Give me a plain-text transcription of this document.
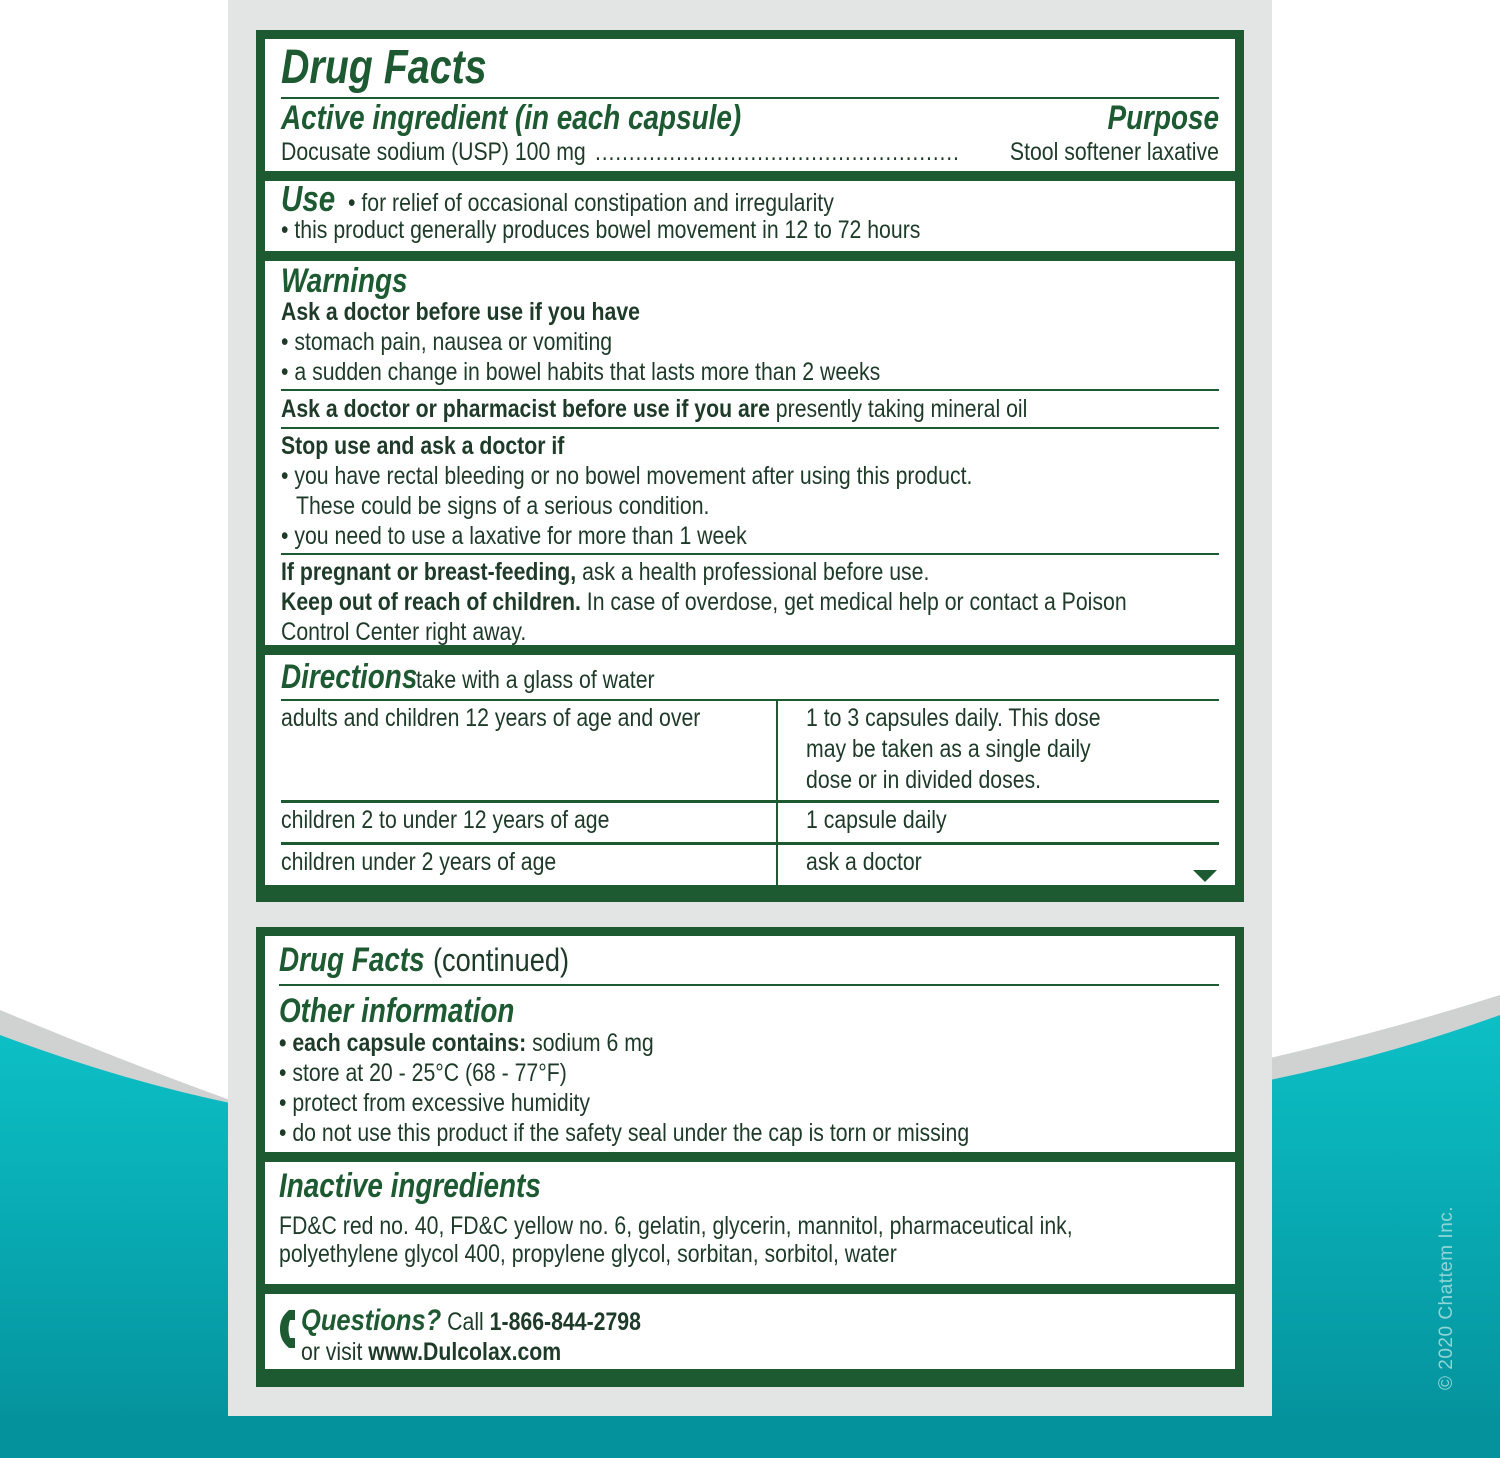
Drug Facts
Active ingredient (in each capsule)	Purpose
Docusate sodium (USP) 100 mg ...................................................... Stool softener laxative
Use • for relief of occasional constipation and irregularity
• this product generally produces bowel movement in 12 to 72 hours
Warnings
Ask a doctor before use if you have
• stomach pain, nausea or vomiting
• a sudden change in bowel habits that lasts more than 2 weeks
Ask a doctor or pharmacist before use if you are presently taking mineral oil
Stop use and ask a doctor if
• you have rectal bleeding or no bowel movement after using this product.
These could be signs of a serious condition.
• you need to use a laxative for more than 1 week
If pregnant or breast-feeding, ask a health professional before use.
Keep out of reach of children. In case of overdose, get medical help or contact a Poison
Control Center right away.
Directions take with a glass of water
adults and children 12 years of age and over	1 to 3 capsules daily. This dose
may be taken as a single daily
dose or in divided doses.

children 2 to under 12 years of age	1 capsule daily
children under 2 years of age	ask a doctor
Drug Facts (continued)
Other information
• each capsule contains: sodium 6 mg
• store at 20 - 25°C (68 - 77°F)
• protect from excessive humidity
• do not use this product if the safety seal under the cap is torn or missing
Inactive ingredients
FD&C red no. 40, FD&C yellow no. 6, gelatin, glycerin, mannitol, pharmaceutical ink,
polyethylene glycol 400, propylene glycol, sorbitan, sorbitol, water
Questions? Call 1-866-844-2798
or visit www.Dulcolax.com	© 2020 Chattem Inc.
